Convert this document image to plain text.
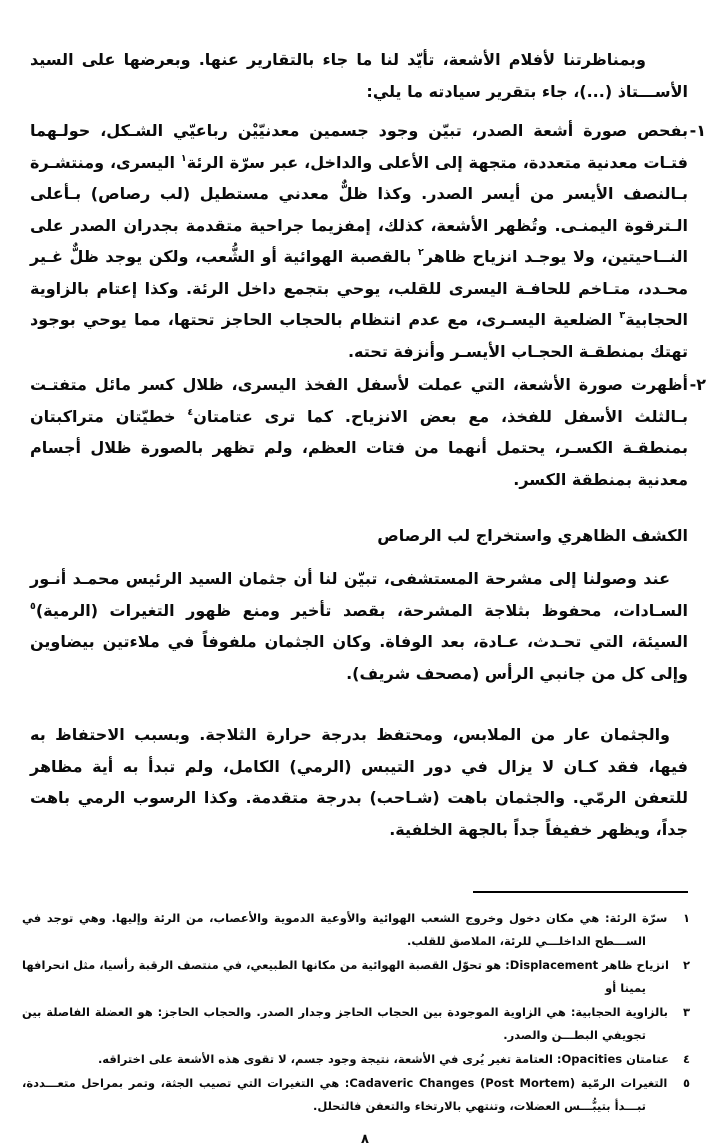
وبمناظرتنا لأفلام الأشعة، تأيّد لنا ما جاء بالتقارير عنها. وبعرضها على السيد الأســـتاذ (...)، جاء بتقرير سيادته ما يلي:

١-
بفحص صورة أشعة الصدر، تبيّن وجود جسمين معدنيّيْن رباعيّي الشـكل، حولـهما فتـات معدنية متعددة، متجهة إلى الأعلى والداخل، عبر سرّة الرئة$^١$ اليسرى، ومنتشـرة بـالنصف الأيسر من أيسر الصدر. وكذا ظلٌّ معدني مستطيل (لب رصاص) بـأعلى الـترقوة اليمنـى. وتُظهر الأشعة، كذلك، إمفزيما جراحية متقدمة بجدران الصدر على النــاحيتين، ولا يوجـد انزياح ظاهر$^٢$ بالقصبة الهوائية أو الشُّعب، ولكن يوجد ظلٌّ غـير محـدد، متـاخم للحافـة اليسرى للقلب، يوحي بتجمع داخل الرئة. وكذا إعتام بالزاوية الحجابية$^٣$ الضلعية اليسـرى، مع عدم انتظام بالحجاب الحاجز تحتها، مما يوحي بوجود تهتك بمنطقـة الحجـاب الأيسـر وأنزفة تحته.
٢-
أظهرت صورة الأشعة، التي عملت لأسفل الفخذ اليسرى، ظلال كسر مائل متفتـت بـالثلث الأسفل للفخذ، مع بعض الانزياح. كما ترى عتامتان$^٤$ خطيّتان متراكبتان بمنطقـة الكسـر، يحتمل أنهما من فتات العظم، ولم تظهر بالصورة ظلال أجسام معدنية بمنطقة الكسر.
الكشف الظاهري واستخراج لب الرصاص

عند وصولنا إلى مشرحة المستشفى، تبيّن لنا أن جثمان السيد الرئيس محمـد أنـور السـادات، محفوظ بثلاجة المشرحة، بقصد تأخير ومنع ظهور التغيرات (الرمية)$^٥$ السيئة، التي تحـدث، عـادة، بعد الوفاة. وكان الجثمان ملفوفاً في ملاءتين بيضاوين وإلى كل من جانبي الرأس (مصحف شريف).

والجثمان عار من الملابس، ومحتفظ بدرجة حرارة الثلاجة. وبسبب الاحتفاظ به فيها، فقد كـان لا يزال في دور التيبس (الرمي) الكامل، ولم تبدأ به أية مظاهر للتعفن الرمّي. والجثمان باهت (شـاحب) بدرجة متقدمة. وكذا الرسوب الرمي باهت جداً، ويظهر خفيفاً جداً بالجهة الخلفية.

١ سرّة الرئة: هي مكان دخول وخروج الشعب الهوائية والأوعية الدموية والأعصاب، من الرئة وإليها. وهي توجد في الســـطح الداخلـــي للرئة، الملاصق للقلب.
٢ انزياح ظاهر Displacement: هو تحوّل القصبة الهوائية من مكانها الطبيعي، في منتصف الرقبة رأسيا، مثل انحرافها يمينا أو
٣ بالزاوية الحجابية: هي الزاوية الموجودة بين الحجاب الحاجز وجدار الصدر. والحجاب الحاجز: هو العضلة الفاصلة بين تجويفي البطـــن والصدر.
٤ عتامتان Opacities: العتامة تغير يُرى في الأشعة، نتيجة وجود جسم، لا تقوى هذه الأشعة على اختراقه.
٥ التغيرات الرمّية Cadaveric Changes (Post Mortem)‎: هي التغيرات التي تصيب الجثة، وتمر بمراحل متعـــددة، تبـــدأ بتيبُّـــس العضلات، وتنتهي بالارتخاء والتعفن فالتحلل.
٨
